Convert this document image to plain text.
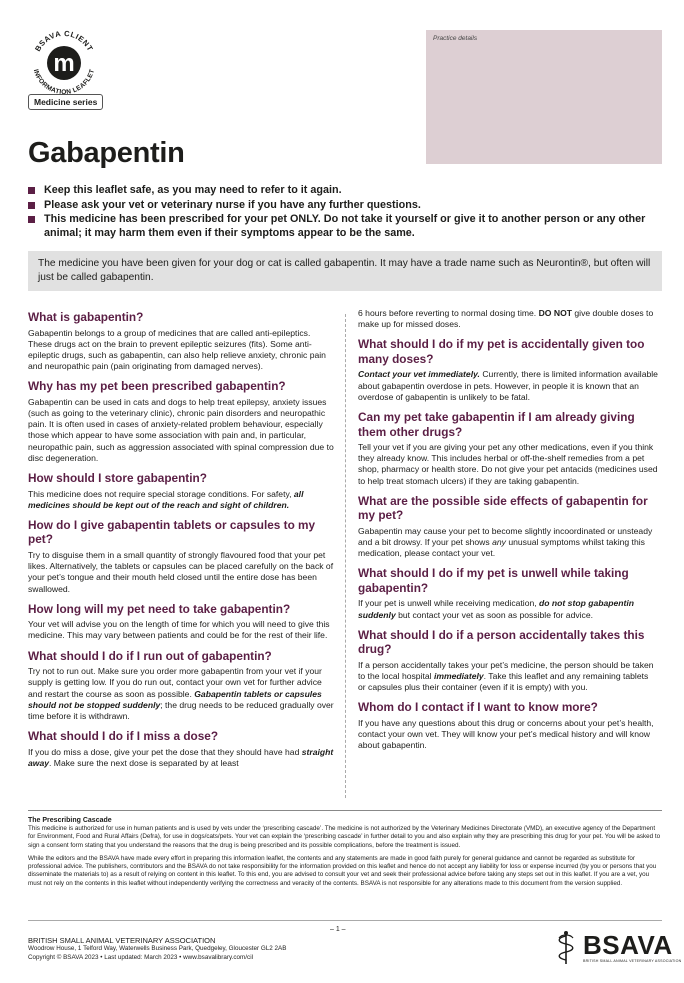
BSAVA CLIENT
INFORMATION LEAFLET
m
Medicine series
Practice details
Gabapentin
Keep this leaflet safe, as you may need to refer to it again.
Please ask your vet or veterinary nurse if you have any further questions.
This medicine has been prescribed for your pet ONLY. Do not take it yourself or give it to another person or any other animal; it may harm them even if their symptoms appear to be the same.
The medicine you have been given for your dog or cat is called gabapentin. It may have a trade name such as Neurontin®, but often will just be called gabapentin.
What is gabapentin?

Gabapentin belongs to a group of medicines that are called anti-epileptics. These drugs act on the brain to prevent epileptic seizures (fits). Some anti-epileptic drugs, such as gabapentin, can also help relieve anxiety, chronic pain and neuropathic pain (pain originating from damaged nerves).

Why has my pet been prescribed gabapentin?

Gabapentin can be used in cats and dogs to help treat epilepsy, anxiety issues (such as going to the veterinary clinic), chronic pain disorders and neuropathic pain. It is often used in cases of anxiety-related problem behaviour, especially those which appear to have some association with pain and, in particular, neuropathic pain, such as aggression associated with spinal compression due to disc degeneration.

How should I store gabapentin?

This medicine does not require special storage conditions. For safety, all medicines should be kept out of the reach and sight of children.

How do I give gabapentin tablets or capsules to my pet?

Try to disguise them in a small quantity of strongly flavoured food that your pet likes. Alternatively, the tablets or capsules can be placed carefully on the back of your pet’s tongue and their mouth held closed until the entire dose has been swallowed.

How long will my pet need to take gabapentin?

Your vet will advise you on the length of time for which you will need to give this medicine. This may vary between patients and could be for the rest of their life.

What should I do if I run out of gabapentin?

Try not to run out. Make sure you order more gabapentin from your vet if your supply is getting low. If you do run out, contact your own vet for further advice and restart the course as soon as possible. Gabapentin tablets or capsules should not be stopped suddenly; the drug needs to be reduced gradually over time before it is withdrawn.

What should I do if I miss a dose?

If you do miss a dose, give your pet the dose that they should have had straight away. Make sure the next dose is separated by at least

6 hours before reverting to normal dosing time. DO NOT give double doses to make up for missed doses.

What should I do if my pet is accidentally given too many doses?

Contact your vet immediately. Currently, there is limited information available about gabapentin overdose in pets. However, in people it is known that an overdose of gabapentin is unlikely to be fatal.

Can my pet take gabapentin if I am already giving them other drugs?

Tell your vet if you are giving your pet any other medications, even if you think they already know. This includes herbal or off-the-shelf remedies from a pet shop, pharmacy or health store. Do not give your pet antacids (medicines used to help treat stomach ulcers) if they are taking gabapentin.

What are the possible side effects of gabapentin for my pet?

Gabapentin may cause your pet to become slightly incoordinated or unsteady and a bit drowsy. If your pet shows any unusual symptoms whilst taking this medication, please contact your vet.

What should I do if my pet is unwell while taking gabapentin?

If your pet is unwell while receiving medication, do not stop gabapentin suddenly but contact your vet as soon as possible for advice.

What should I do if a person accidentally takes this drug?

If a person accidentally takes your pet’s medicine, the person should be taken to the local hospital immediately. Take this leaflet and any remaining tablets or capsules plus their container (even if it is empty) with you.

Whom do I contact if I want to know more?

If you have any questions about this drug or concerns about your pet’s health, contact your own vet. They will know your pet’s medical history and will know about gabapentin.

The Prescribing Cascade

This medicine is authorized for use in human patients and is used by vets under the ‘prescribing cascade’. The medicine is not authorized by the Veterinary Medicines Directorate (VMD), an executive agency of the Department for Environment, Food and Rural Affairs (Defra), for use in dogs/cats/pets. Your vet can explain the ‘prescribing cascade’ in further detail to you and also explain why they are prescribing this drug for your pet. You will be asked to sign a consent form stating that you understand the reasons that the drug is being prescribed and its possible complications, before the treatment is issued.

While the editors and the BSAVA have made every effort in preparing this information leaflet, the contents and any statements are made in good faith purely for general guidance and cannot be regarded as substitute for professional advice. The publishers, contributors and the BSAVA do not take responsibility for the information provided on this leaflet and hence do not accept any liability for loss or expense incurred (by you or persons that you disseminate the materials to) as a result of relying on content in this leaflet. To this end, you are advised to consult your vet and seek their professional advice before taking any steps set out in this leaflet. If you are a vet, you must not rely on the contents in this leaflet without independently verifying the correctness and veracity of the contents. BSAVA is not responsible for any alterations made to this document from the version supplied.

– 1 –
BRITISH SMALL ANIMAL VETERINARY ASSOCIATION
Woodrow House, 1 Telford Way, Waterwells Business Park, Quedgeley, Gloucester GL2 2AB
Copyright © BSAVA 2023 • Last updated: March 2023 • www.bsavalibrary.com/cil	BSAVA
BRITISH SMALL ANIMAL VETERINARY ASSOCIATION
